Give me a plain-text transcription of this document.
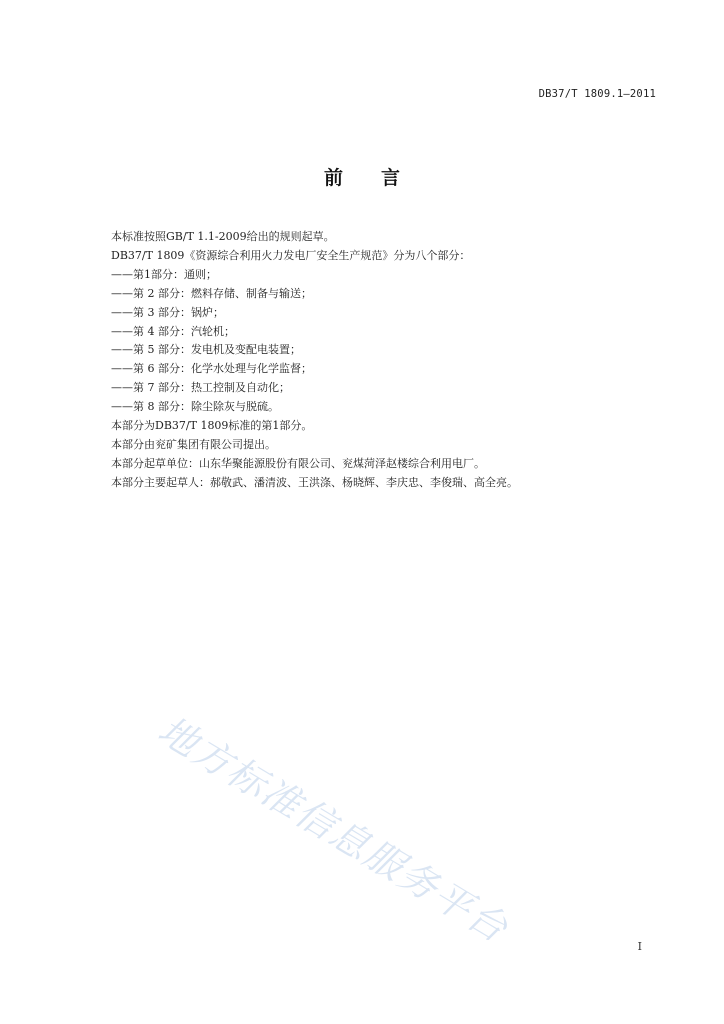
DB37/T 1809.1—2011
前 言

本标准按照GB/T 1.1-2009给出的规则起草。

DB37/T 1809《资源综合利用火力发电厂安全生产规范》分为八个部分：

——第1部分：通则；

——第 2 部分：燃料存储、制备与输送；

——第 3 部分：锅炉；

——第 4 部分：汽轮机；

——第 5 部分：发电机及变配电装置；

——第 6 部分：化学水处理与化学监督；

——第 7 部分：热工控制及自动化；

——第 8 部分：除尘除灰与脱硫。

本部分为DB37/T 1809标准的第1部分。

本部分由兖矿集团有限公司提出。

本部分起草单位：山东华聚能源股份有限公司、兖煤菏泽赵楼综合利用电厂。

本部分主要起草人：郝敬武、潘清波、王洪涤、杨晓辉、李庆忠、李俊瑞、高全亮。

地方标准信息服务平台	I
